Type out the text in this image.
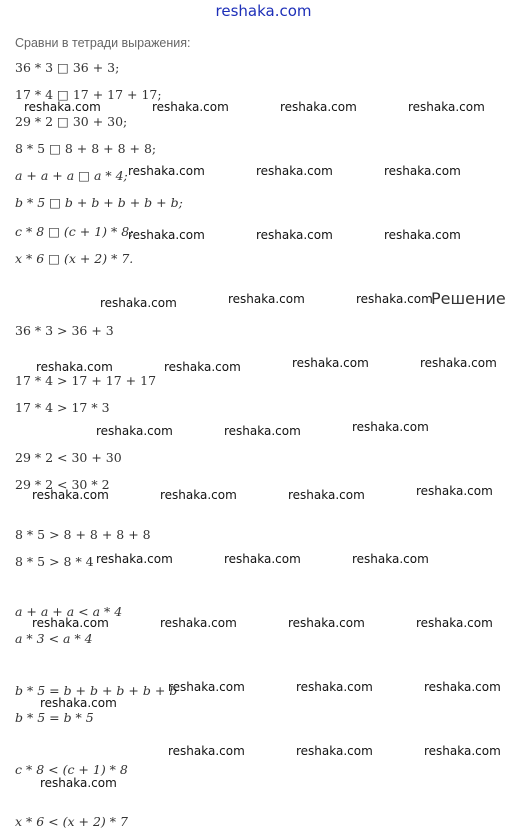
reshaka.com
Сравни в тетради выражения:
36 * 3 □ 36 + 3;
17 * 4 □ 17 + 17 + 17;
29 * 2 □ 30 + 30;
8 * 5 □ 8 + 8 + 8 + 8;
a + a + a □ a * 4;
b * 5 □ b + b + b + b + b;
c * 8 □ (c + 1) * 8;
x * 6 □ (x + 2) * 7.
Решение
36 * 3 > 36 + 3
17 * 4 > 17 + 17 + 17
17 * 4 > 17 * 3
29 * 2 < 30 + 30
29 * 2 < 30 * 2
8 * 5 > 8 + 8 + 8 + 8
8 * 5 > 8 * 4
a + a + a < a * 4
a * 3 < a * 4
b * 5 = b + b + b + b + b
b * 5 = b * 5
c * 8 < (c + 1) * 8
x * 6 < (x + 2) * 7
reshaka.com	reshaka.com	reshaka.com	reshaka.com
reshaka.com	reshaka.com	reshaka.com
reshaka.com	reshaka.com	reshaka.com
reshaka.com	reshaka.com	reshaka.com
reshaka.com	reshaka.com	reshaka.com	reshaka.com
reshaka.com	reshaka.com	reshaka.com
reshaka.com	reshaka.com	reshaka.com	reshaka.com
reshaka.com	reshaka.com	reshaka.com
reshaka.com	reshaka.com	reshaka.com	reshaka.com
reshaka.com	reshaka.com	reshaka.com
reshaka.com
reshaka.com	reshaka.com	reshaka.com
reshaka.com
